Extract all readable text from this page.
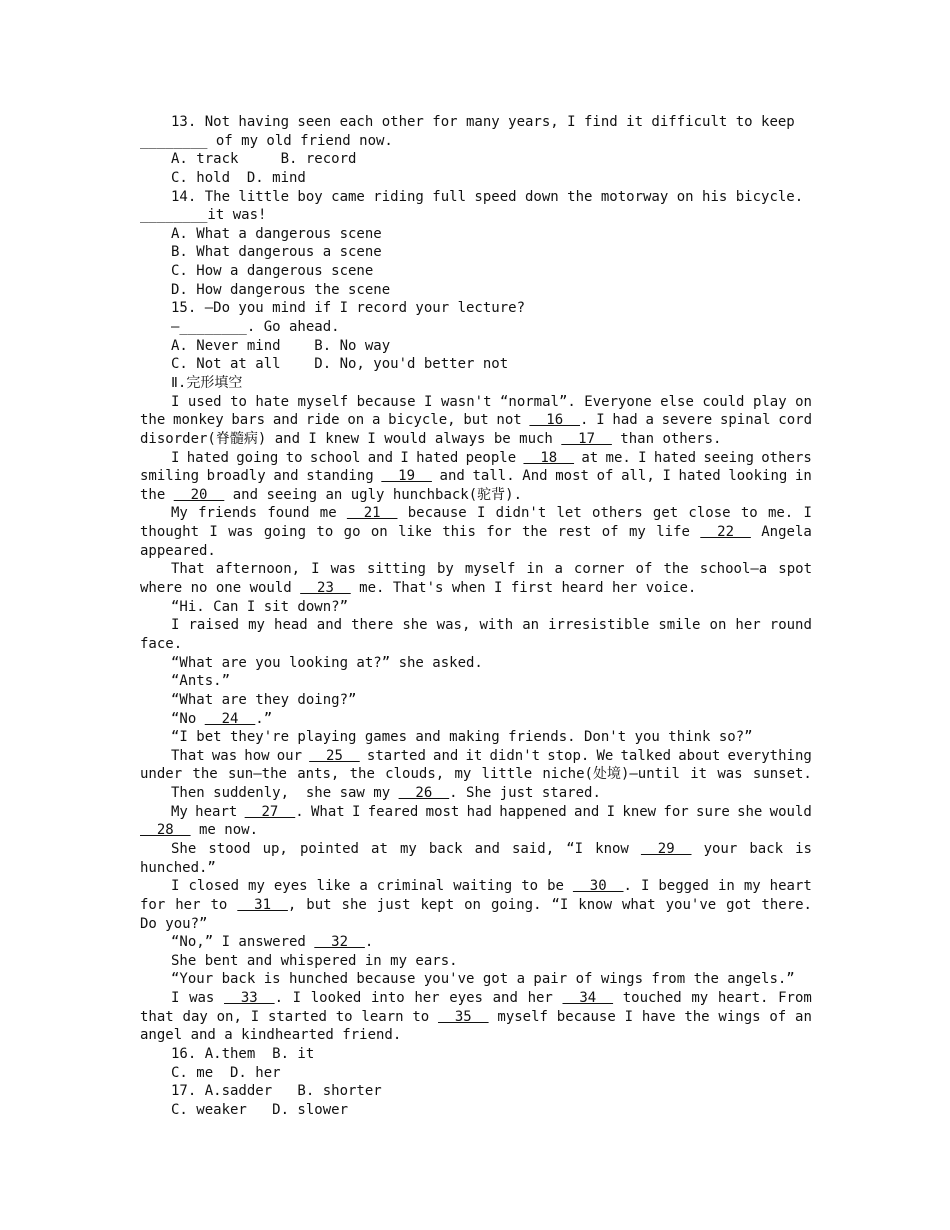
13. Not having seen each other for many years, I find it difficult to keep
________ of my old friend now.
A. track     B. record
C. hold  D. mind
14. The little boy came riding full speed down the motorway on his bicycle.
________it was!
A. What a dangerous scene
B. What dangerous a scene
C. How a dangerous scene
D. How dangerous the scene
15. —Do you mind if I record your lecture?
—________. Go ahead.
A. Never mind    B. No way
C. Not at all    D. No, you'd better not
Ⅱ.完形填空
I used to hate myself because I wasn't “normal”. Everyone else could play on
the monkey bars and ride on a bicycle, but not 16  . I had a severe spinal cord
disorder(脊髓病) and I knew I would always be much   17   than others.
I hated going to school and I hated people 18 at me. I hated seeing others
smiling broadly and standing 19 and tall. And most of all, I hated looking in
the   20   and seeing an ugly hunchback(驼背).
My friends found me 21 because I didn't let others get close to me. I
thought I was going to go on like this for the rest of my life 22 Angela
appeared.
That afternoon, I was sitting by myself in a corner of the school—a spot
where no one would   23   me. That's when I first heard her voice.
“Hi. Can I sit down?”
I raised my head and there she was, with an irresistible smile on her round
face.
“What are you looking at?” she asked.
“Ants.”
“What are they doing?”
“No   24  .”
“I bet they're playing games and making friends. Don't you think so?”
That was how our 25 started and it didn't stop. We talked about everything
under the sun—the ants, the clouds, my little niche(处境)—until it was sunset.
Then suddenly,  she saw my   26  . She just stared.
My heart 27  . What I feared most had happened and I knew for sure she would
28   me now.
She stood up, pointed at my back and said, “I know 29 your back is
hunched.”
I closed my eyes like a criminal waiting to be 30  . I begged in my heart
for her to 31  , but she just kept on going. “I know what you've got there.
Do you?”
“No,” I answered   32  .
She bent and whispered in my ears.
“Your back is hunched because you've got a pair of wings from the angels.”
I was 33  . I looked into her eyes and her 34 touched my heart. From
that day on, I started to learn to 35 myself because I have the wings of an
angel and a kindhearted friend.
16. A.them  B. it
C. me  D. her
17. A.sadder   B. shorter
C. weaker   D. slower
